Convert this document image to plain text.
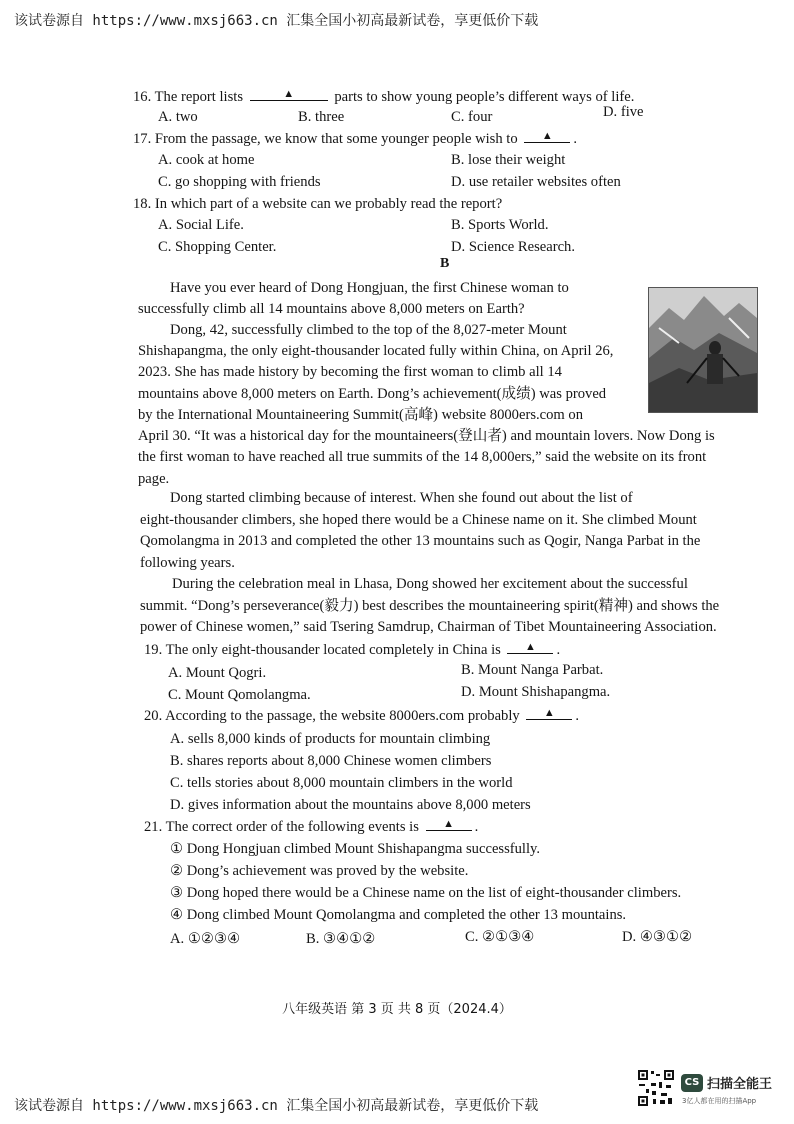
该试卷源自 https://www.mxsj663.cn 汇集全国小初高最新试卷，享更低价下载
16. The report lists	▲	parts to show young people’s different ways of life.
A. two	B. three	C. four	D. five
17. From the passage, we know that some younger people wish to ▲ .
A. cook at home	B. lose their weight
C. go shopping with friends	D. use retailer websites often
18. In which part of a website can we probably read the report?
A. Social Life.	B. Sports World.
C. Shopping Center.	D. Science Research.
B
Have you ever heard of Dong Hongjuan, the first Chinese woman to
successfully climb all 14 mountains above 8,000 meters on Earth?
Dong, 42, successfully climbed to the top of the 8,027-meter Mount
Shishapangma, the only eight-thousander located fully within China, on April 26,
2023. She has made history by becoming the first woman to climb all 14
mountains above 8,000 meters on Earth. Dong’s achievement(成绩) was proved
by the International Mountaineering Summit(高峰) website 8000ers.com on
April 30. “It was a historical day for the mountaineers(登山者) and mountain lovers. Now Dong is
the first woman to have reached all true summits of the 14 8,000ers,” said the website on its front
page.
Dong started climbing because of interest. When she found out about the list of
eight-thousander climbers, she hoped there would be a Chinese name on it. She climbed Mount
Qomolangma in 2013 and completed the other 13 mountains such as Qogir, Nanga Parbat in the
following years.
During the celebration meal in Lhasa, Dong showed her excitement about the successful
summit. “Dong’s perseverance(毅力) best describes the mountaineering spirit(精神) and shows the
power of Chinese women,” said Tsering Samdrup, Chairman of Tibet Mountaineering Association.
19. The only eight-thousander located completely in China is ▲ .
A. Mount Qogri.	B. Mount Nanga Parbat.
C. Mount Qomolangma.	D. Mount Shishapangma.
20. According to the passage, the website 8000ers.com probably ▲ .
A. sells 8,000 kinds of products for mountain climbing
B. shares reports about 8,000 Chinese women climbers
C. tells stories about 8,000 mountain climbers in the world
D. gives information about the mountains above 8,000 meters
21. The correct order of the following events is ▲ .
① Dong Hongjuan climbed Mount Shishapangma successfully.
② Dong’s achievement was proved by the website.
③ Dong hoped there would be a Chinese name on the list of eight-thousander climbers.
④ Dong climbed Mount Qomolangma and completed the other 13 mountains.
A. ①②③④	B. ③④①②	C. ②①③④	D. ④③①②
八年级英语 第 3 页 共 8 页（2024.4）
该试卷源自 https://www.mxsj663.cn 汇集全国小初高最新试卷，享更低价下载
CS 扫描全能王
3亿人都在用的扫描App
